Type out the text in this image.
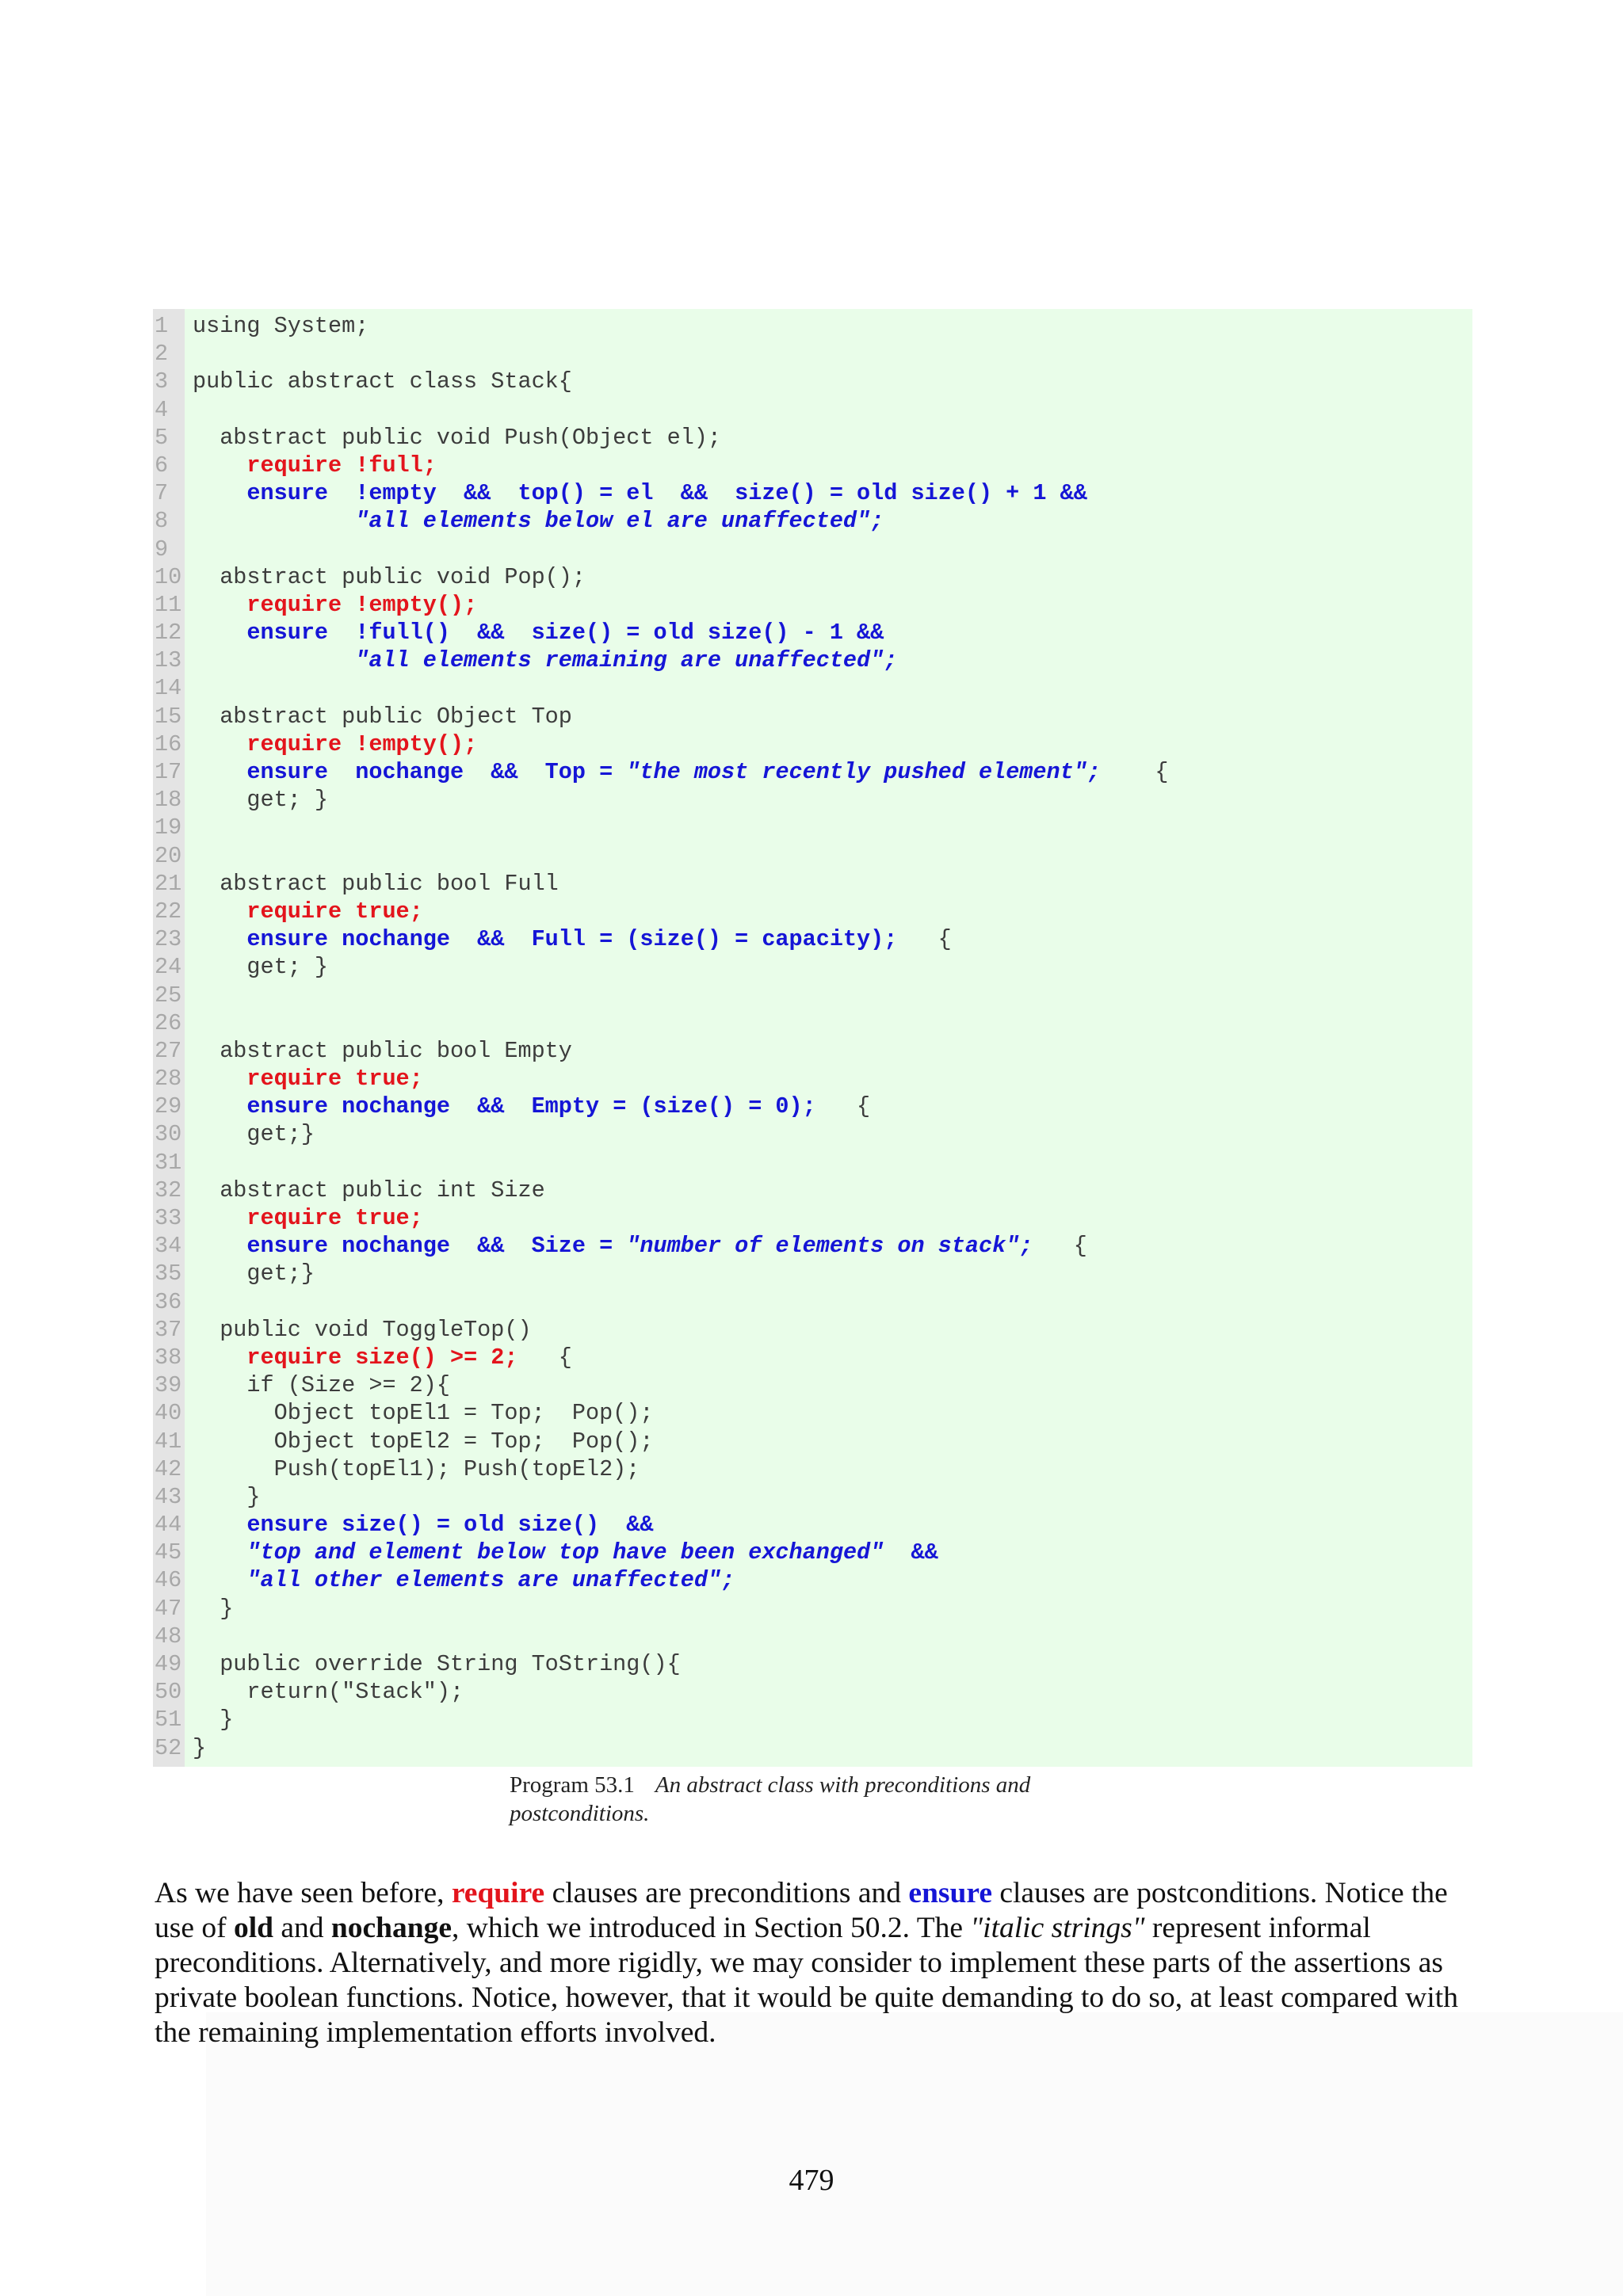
1	using System;
2
3	public abstract class Stack{
4
5	abstract public void Push(Object el);
6	require !full;
7	ensure  !empty  &&  top() = el  &&  size() = old size() + 1 &&
8	"all elements below el are unaffected";
9
10 abstract public void Pop();
11	require !empty();
12	ensure  !full()  &&  size() = old size() - 1 &&
13	"all elements remaining are unaffected";
14
15 abstract public Object Top
16	require !empty();
17	ensure  nochange  &&  Top = "the most recently pushed element";    {
18 get; }
19
20
21 abstract public bool Full
22	require true;
23	ensure nochange  &&  Full = (size() = capacity);   {
24 get; }
25
26
27 abstract public bool Empty
28	require true;
29	ensure nochange  &&  Empty = (size() = 0);   {
30 get;}
31
32 abstract public int Size
33	require true;
34	ensure nochange  &&  Size = "number of elements on stack";   {
35 get;}
36
37 public void ToggleTop()
38	require size() >= 2;   {
39 if (Size >= 2){
40 Object topEl1 = Top;  Pop();
41 Object topEl2 = Top;  Pop();
42 Push(topEl1); Push(topEl2);
43 }
44	ensure size() = old size()  &&
45	"top and element below top have been exchanged"  &&
46	"all other elements are unaffected";
47 }
48
49 public override String ToString(){
50 return("Stack");
51 }
52 }
Program 53.1 An abstract class with preconditions and postconditions.
As we have seen before, require clauses are preconditions and ensure clauses are postconditions. Notice the use of old and nochange, which we introduced in Section 50.2. The "italic strings" represent informal preconditions. Alternatively, and more rigidly, we may consider to implement these parts of the assertions as private boolean functions. Notice, however, that it would be quite demanding to do so, at least compared with the remaining implementation efforts involved.
479
